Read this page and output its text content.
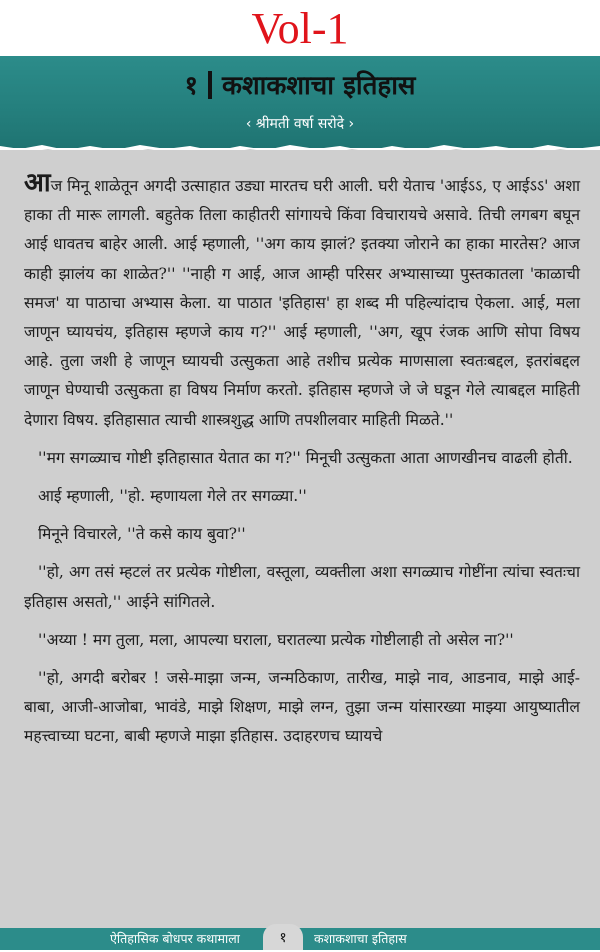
Vol-1
१ कशाकशाचा इतिहास
‹ श्रीमती वर्षा सरोदे ›

आज मिनू शाळेतून अगदी उत्साहात उड्या मारतच घरी आली. घरी येताच 'आईऽऽ, ए आईऽऽ' अशा हाका ती मारू लागली. बहुतेक तिला काहीतरी सांगायचे किंवा विचारायचे असावे. तिची लगबग बघून आई धावतच बाहेर आली. आई म्हणाली, ''अग काय झालं? इतक्या जोराने का हाका मारतेस? आज काही झालंय का शाळेत?'' ''नाही ग आई, आज आम्ही परिसर अभ्यासाच्या पुस्तकातला 'काळाची समज' या पाठाचा अभ्यास केला. या पाठात 'इतिहास' हा शब्द मी पहिल्यांदाच ऐकला. आई, मला जाणून घ्यायचंय, इतिहास म्हणजे काय ग?'' आई म्हणाली, ''अग, खूप रंजक आणि सोपा विषय आहे. तुला जशी हे जाणून घ्यायची उत्सुकता आहे तशीच प्रत्येक माणसाला स्वतःबद्दल, इतरांबद्दल जाणून घेण्याची उत्सुकता हा विषय निर्माण करतो. इतिहास म्हणजे जे जे घडून गेले त्याबद्दल माहिती देणारा विषय. इतिहासात त्याची शास्त्रशुद्ध आणि तपशीलवार माहिती मिळते.''

''मग सगळ्याच गोष्टी इतिहासात येतात का ग?'' मिनूची उत्सुकता आता आणखीनच वाढली होती.

आई म्हणाली, ''हो. म्हणायला गेले तर सगळ्या.''

मिनूने विचारले, ''ते कसे काय बुवा?''

''हो, अग तसं म्हटलं तर प्रत्येक गोष्टीला, वस्तूला, व्यक्तीला अशा सगळ्याच गोष्टींना त्यांचा स्वतःचा इतिहास असतो,'' आईने सांगितले.

''अय्या ! मग तुला, मला, आपल्या घराला, घरातल्या प्रत्येक गोष्टीलाही तो असेल ना?''

''हो, अगदी बरोबर ! जसे-माझा जन्म, जन्मठिकाण, तारीख, माझे नाव, आडनाव, माझे आई-बाबा, आजी-आजोबा, भावंडे, माझे शिक्षण, माझे लग्न, तुझा जन्म यांसारख्या माझ्या आयुष्यातील महत्त्वाच्या घटना, बाबी म्हणजे माझा इतिहास. उदाहरणच घ्यायचे

ऐतिहासिक बोधपर कथामाला	१	कशाकशाचा इतिहास
